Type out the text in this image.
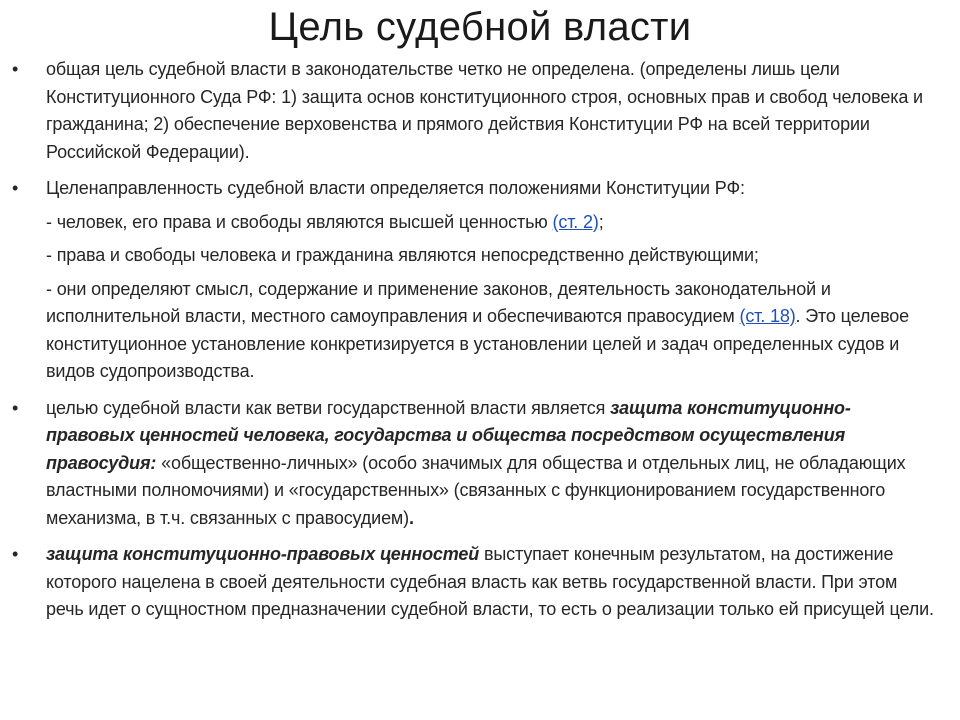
Цель судебной власти
• общая цель судебной власти в законодательстве четко не определена. (определены лишь цели Конституционного Суда РФ: 1) защита основ конституционного строя, основных прав и свобод человека и гражданина; 2) обеспечение верховенства и прямого действия Конституции РФ на всей территории Российской Федерации).
• Целенаправленность судебной власти определяется положениями Конституции РФ:
- человек, его права и свободы являются высшей ценностью (ст. 2);
- права и свободы человека и гражданина являются непосредственно действующими;
- они определяют смысл, содержание и применение законов, деятельность законодательной и исполнительной власти, местного самоуправления и обеспечиваются правосудием (ст. 18). Это целевое конституционное установление конкретизируется в установлении целей и задач определенных судов и видов судопроизводства.
• целью судебной власти как ветви государственной власти является защита конституционно-правовых ценностей человека, государства и общества посредством осуществления правосудия: «общественно-личных» (особо значимых для общества и отдельных лиц, не обладающих властными полномочиями) и «государственных» (связанных с функционированием государственного механизма, в т.ч. связанных с правосудием).
• защита конституционно-правовых ценностей выступает конечным результатом, на достижение которого нацелена в своей деятельности судебная власть как ветвь государственной власти. При этом речь идет о сущностном предназначении судебной власти, то есть о реализации только ей присущей цели.
